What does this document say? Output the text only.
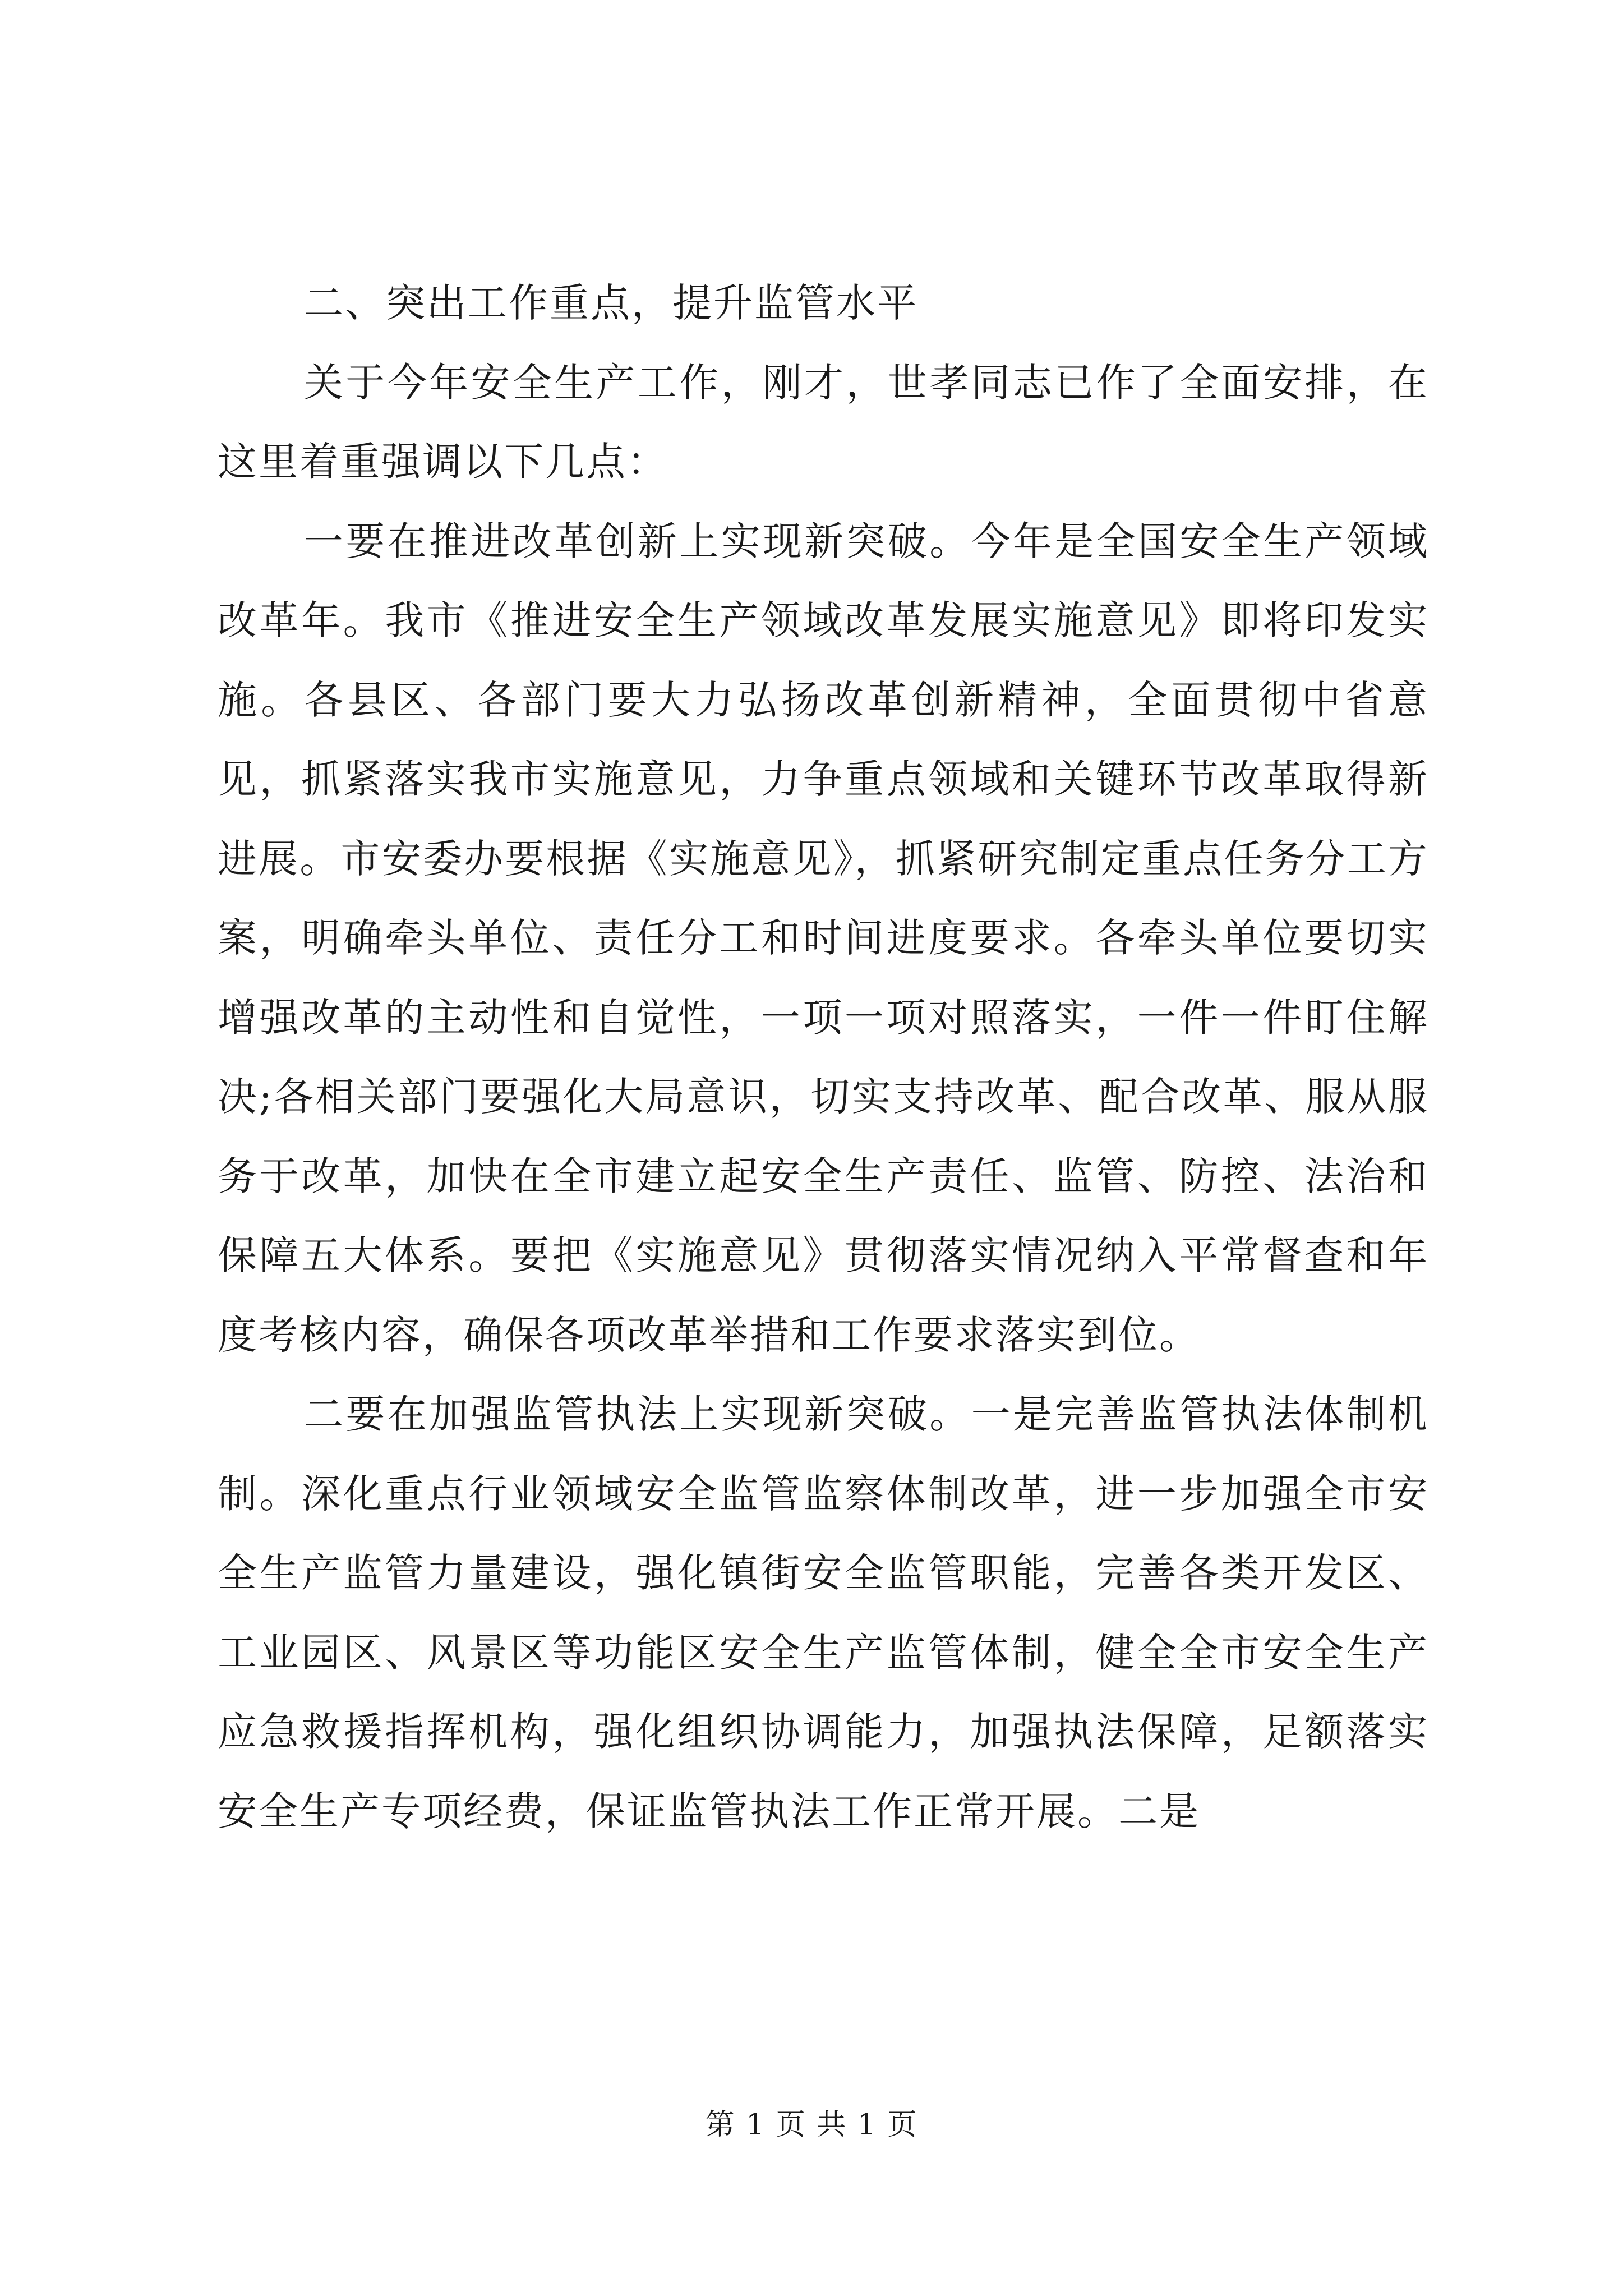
二、突出工作重点，提升监管水平

关于今年安全生产工作，刚才，世孝同志已作了全面安排，在这里着重强调以下几点：

一要在推进改革创新上实现新突破。今年是全国安全生产领域改革年。我市《推进安全生产领域改革发展实施意见》即将印发实施。各县区、各部门要大力弘扬改革创新精神，全面贯彻中省意见，抓紧落实我市实施意见，力争重点领域和关键环节改革取得新进展。市安委办要根据《实施意见》，抓紧研究制定重点任务分工方案，明确牵头单位、责任分工和时间进度要求。各牵头单位要切实增强改革的主动性和自觉性，一项一项对照落实，一件一件盯住解决;各相关部门要强化大局意识，切实支持改革、配合改革、服从服务于改革，加快在全市建立起安全生产责任、监管、防控、法治和保障五大体系。要把《实施意见》贯彻落实情况纳入平常督查和年度考核内容，确保各项改革举措和工作要求落实到位。

二要在加强监管执法上实现新突破。一是完善监管执法体制机制。深化重点行业领域安全监管监察体制改革，进一步加强全市安全生产监管力量建设，强化镇街安全监管职能，完善各类开发区、工业园区、风景区等功能区安全生产监管体制，健全全市安全生产应急救援指挥机构，强化组织协调能力，加强执法保障，足额落实安全生产专项经费，保证监管执法工作正常开展。二是

第 1 页 共 1 页
